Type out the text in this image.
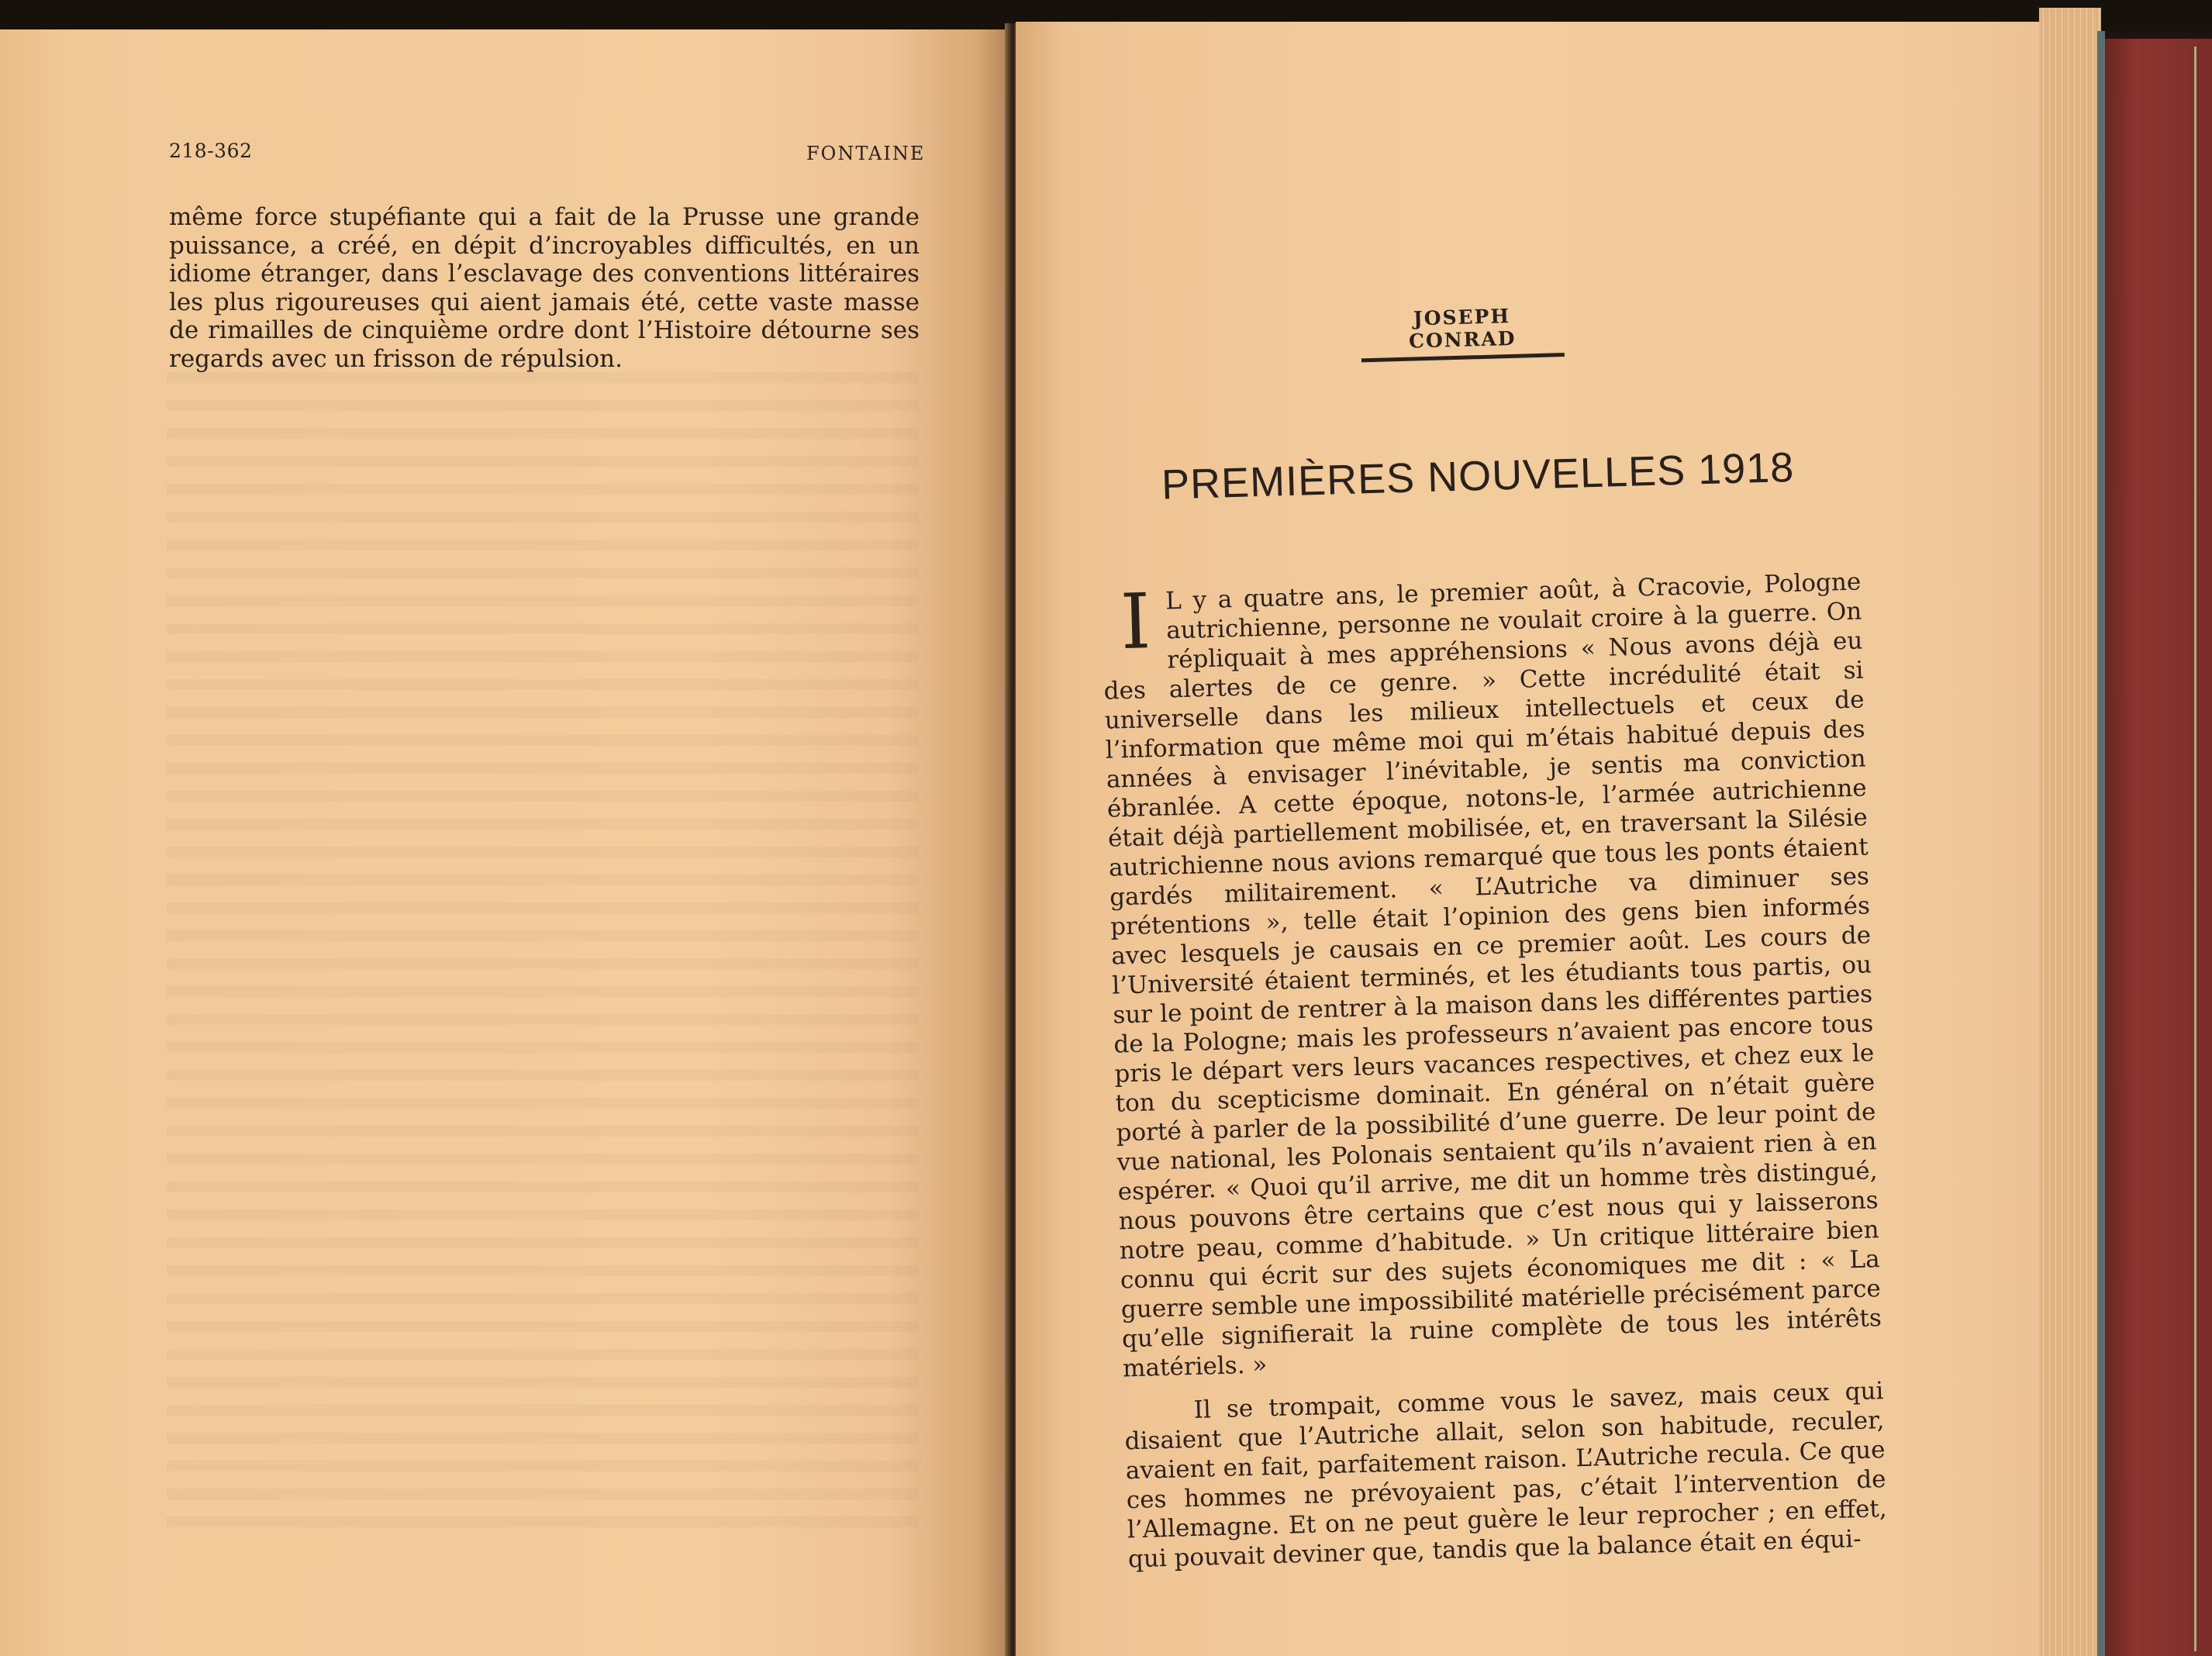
218-362	FONTAINE

même force stupéfiante qui a fait de la Prusse une grande puissance, a créé, en dépit d’incroyables difficultés, en un idiome étranger, dans l’esclavage des conventions littéraires les plus rigoureuses qui aient jamais été, cette vaste masse de rimailles de cinquième ordre dont l’Histoire détourne ses regards avec un frisson de répulsion.

JOSEPH CONRAD
PREMIÈRES NOUVELLES 1918

I L y a quatre ans, le premier août, à Cracovie, Pologne autrichienne, personne ne voulait croire à la guerre. On répliquait à mes appréhensions « Nous avons déjà eu des alertes de ce genre. » Cette incrédulité était si universelle dans les milieux intellectuels et ceux de l’information que même moi qui m’étais habitué depuis des années à envisager l’inévitable, je sentis ma conviction ébranlée. A cette époque, notons-le, l’armée autrichienne était déjà partiellement mobilisée, et, en traversant la Silésie autrichienne nous avions remarqué que tous les ponts étaient gardés militairement. « L’Autriche va diminuer ses prétentions », telle était l’opinion des gens bien informés avec lesquels je causais en ce premier août. Les cours de l’Université étaient terminés, et les étudiants tous partis, ou sur le point de rentrer à la maison dans les différentes parties de la Pologne; mais les professeurs n’avaient pas encore tous pris le départ vers leurs vacances respectives, et chez eux le ton du scepticisme dominait. En général on n’était guère porté à parler de la possibilité d’une guerre. De leur point de vue national, les Polonais sentaient qu’ils n’avaient rien à en espérer. « Quoi qu’il arrive, me dit un homme très distingué, nous pouvons être certains que c’est nous qui y laisserons notre peau, comme d’habitude. » Un critique littéraire bien connu qui écrit sur des sujets économiques me dit : « La guerre semble une impossibilité matérielle précisément parce qu’elle signifierait la ruine complète de tous les intérêts matériels. »

Il se trompait, comme vous le savez, mais ceux qui disaient que l’Autriche allait, selon son habitude, reculer, avaient en fait, parfaitement raison. L’Autriche recula. Ce que ces hommes ne prévoyaient pas, c’était l’intervention de l’Allemagne. Et on ne peut guère le leur reprocher ; en effet, qui pouvait deviner que, tandis que la balance était en équi-
